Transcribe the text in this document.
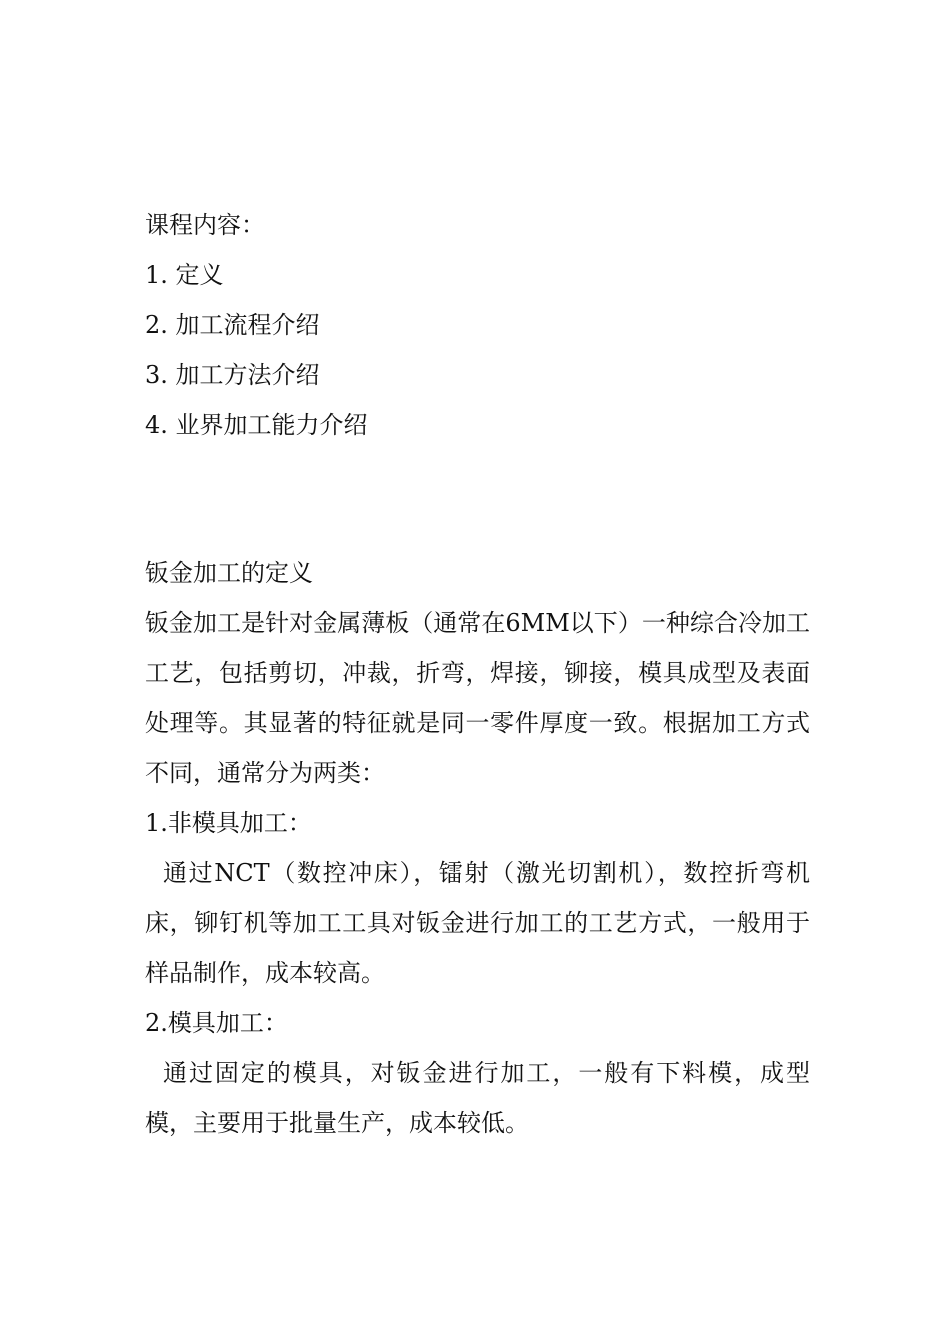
课程内容：

1. 定义

2. 加工流程介绍

3. 加工方法介绍

4. 业界加工能力介绍

钣金加工的定义

钣金加工是针对金属薄板（通常在6MM以下）一种综合冷加工工艺，包括剪切，冲裁，折弯，焊接，铆接，模具成型及表面处理等。其显著的特征就是同一零件厚度一致。根据加工方式不同，通常分为两类：

1.非模具加工：

通过NCT（数控冲床），镭射（激光切割机），数控折弯机床，铆钉机等加工工具对钣金进行加工的工艺方式，一般用于样品制作，成本较高。

2.模具加工：

通过固定的模具，对钣金进行加工，一般有下料模，成型模，主要用于批量生产，成本较低。
